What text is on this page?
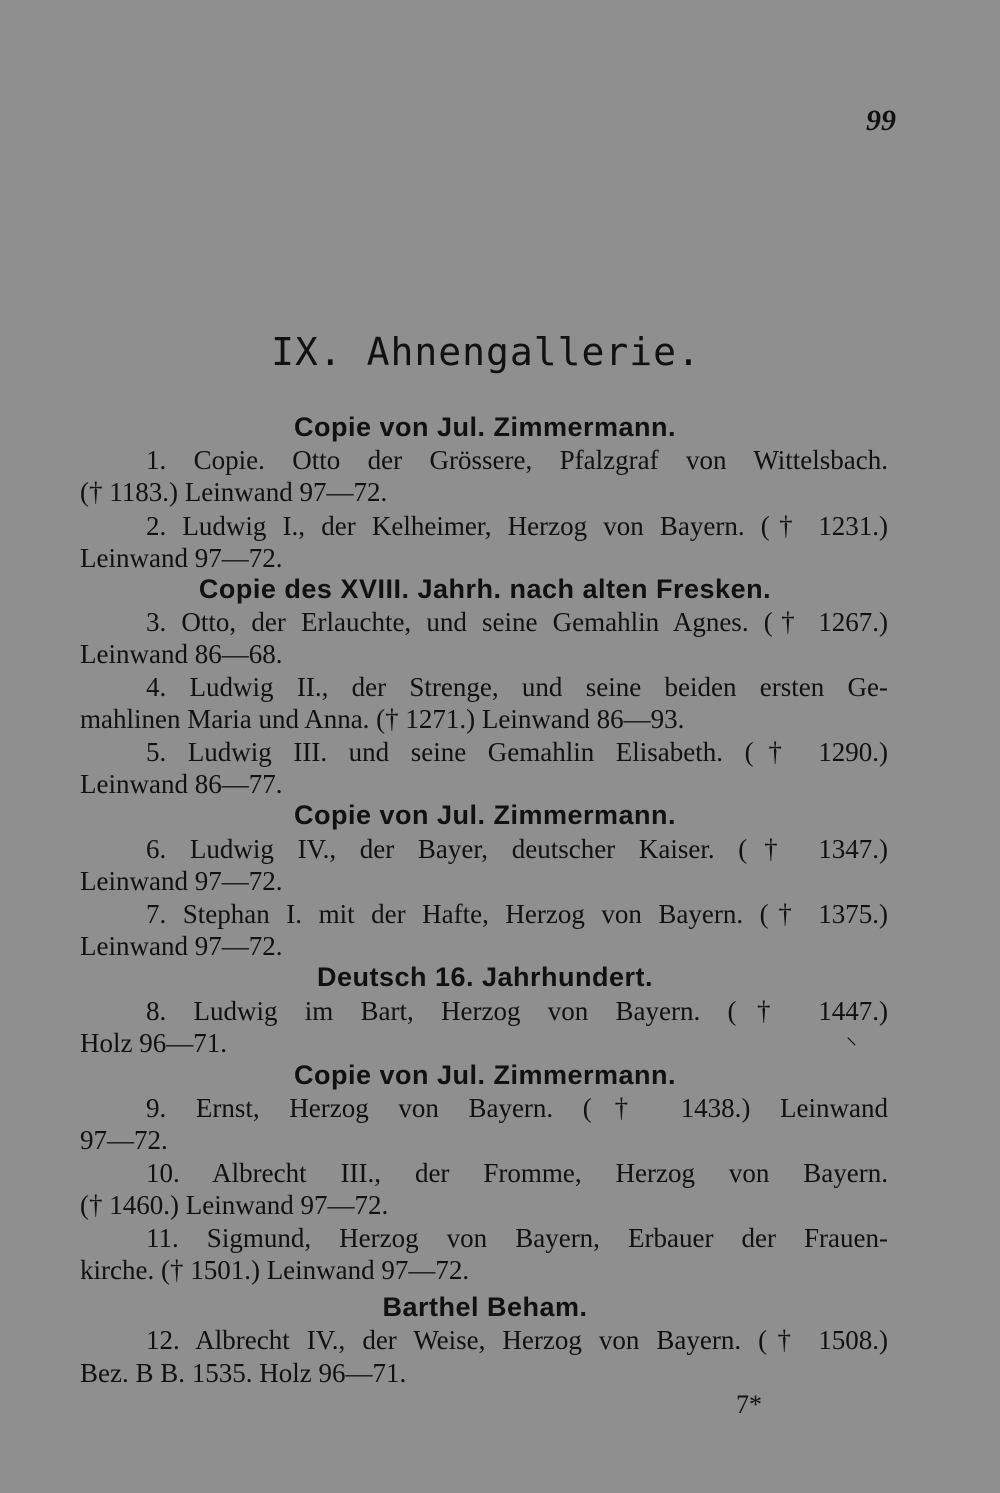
99
IX. Ahnengallerie.
Copie von Jul. Zimmermann.
1. Copie. Otto der Grössere, Pfalzgraf von Wittelsbach.
(† 1183.) Leinwand 97—72.
2. Ludwig I., der Kelheimer, Herzog von Bayern. († 1231.)
Leinwand 97—72.
Copie des XVIII. Jahrh. nach alten Fresken.
3. Otto, der Erlauchte, und seine Gemahlin Agnes. († 1267.)
Leinwand 86—68.
4. Ludwig II., der Strenge, und seine beiden ersten Ge-
mahlinen Maria und Anna. († 1271.) Leinwand 86—93.
5. Ludwig III. und seine Gemahlin Elisabeth. († 1290.)
Leinwand 86—77.
Copie von Jul. Zimmermann.
6. Ludwig IV., der Bayer, deutscher Kaiser. († 1347.)
Leinwand 97—72.
7. Stephan I. mit der Hafte, Herzog von Bayern. († 1375.)
Leinwand 97—72.
Deutsch 16. Jahrhundert.
8. Ludwig im Bart, Herzog von Bayern. († 1447.)
Holz 96—71.	⸌
Copie von Jul. Zimmermann.
9. Ernst, Herzog von Bayern. († 1438.) Leinwand
97—72.
10. Albrecht III., der Fromme, Herzog von Bayern.
(† 1460.) Leinwand 97—72.
11. Sigmund, Herzog von Bayern, Erbauer der Frauen-
kirche. († 1501.) Leinwand 97—72.
Barthel Beham.
12. Albrecht IV., der Weise, Herzog von Bayern. († 1508.)
Bez. B B. 1535. Holz 96—71.
7*
